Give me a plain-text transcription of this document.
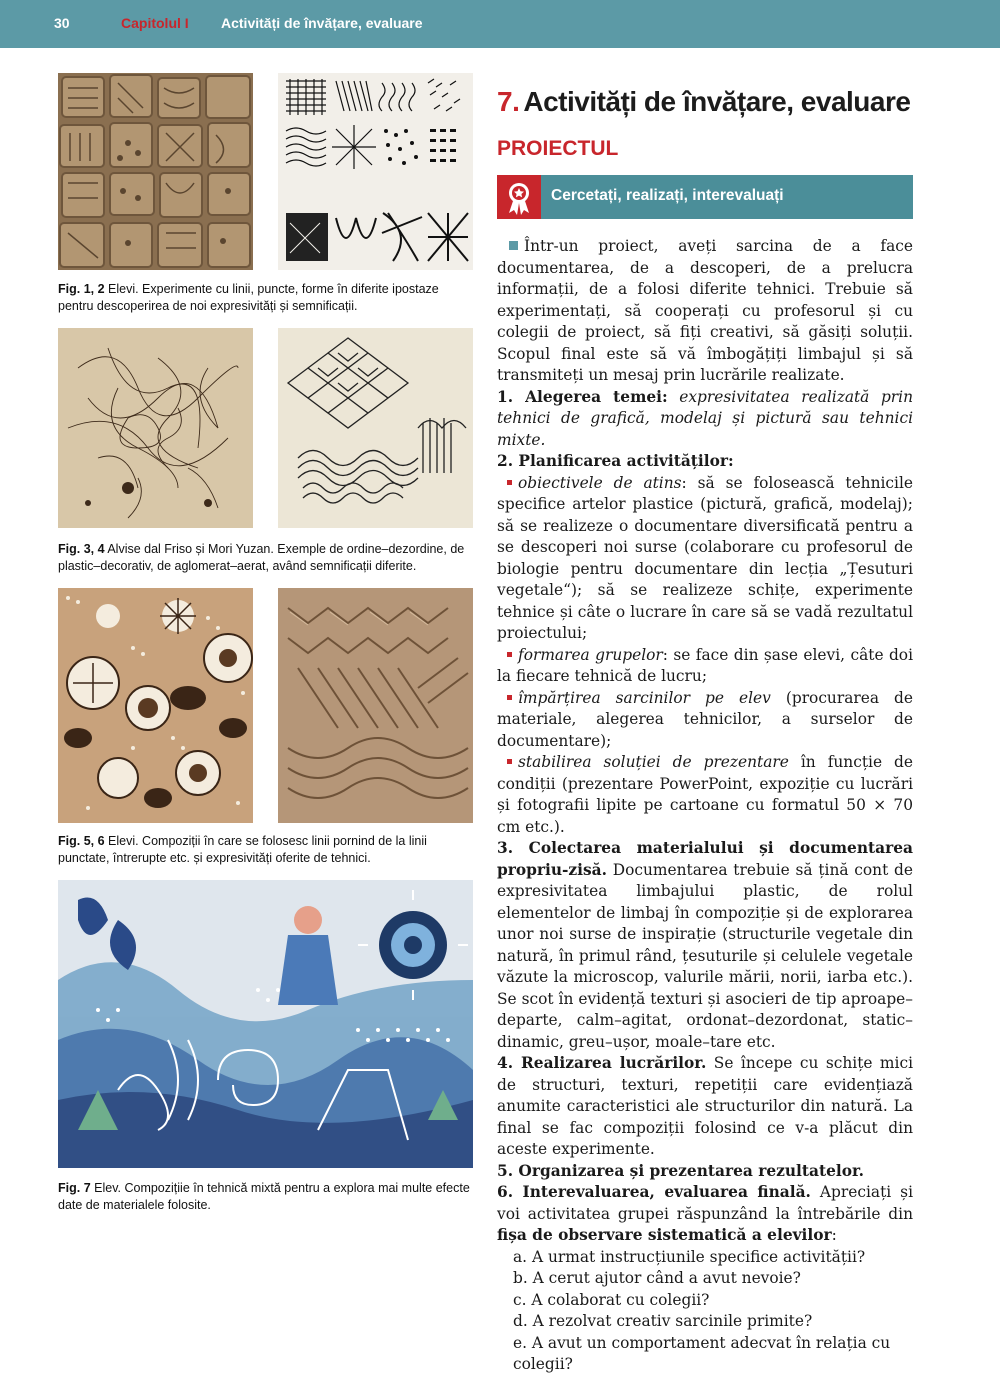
30	Capitolul I Activități de învățare, evaluare
Fig. 1, 2 Elevi. Experimente cu linii, puncte, forme în diferite ipostaze pentru descoperirea de noi expresivități și semnificații.
Fig. 3, 4 Alvise dal Friso și Mori Yuzan. Exemple de ordine–dezordine, de plastic–decorativ, de aglomerat–aerat, având semnificații diferite.
Fig. 5, 6 Elevi. Compoziții în care se folosesc linii pornind de la linii punctate, întrerupte etc. și expresivități oferite de tehnici.
Fig. 7 Elev. Compozițiie în tehnică mixtă pentru a explora mai multe efecte date de materialele folosite.
7. Activități de învățare, evaluare
PROIECTUL
Cercetați, realizați, interevaluați

Într-un proiect, aveți sarcina de a face documentarea, de a descoperi, de a prelucra informații, de a folosi diferite tehnici. Trebuie să experimentați, să cooperați cu profesorul și cu colegii de proiect, să fiți creativi, să găsiți soluții. Scopul final este să vă îmbogățiți limbajul și să transmiteți un mesaj prin lucrările realizate.

1. Alegerea temei: expresivitatea realizată prin tehnici de grafică, modelaj și pictură sau tehnici mixte.

2. Planificarea activităților:

obiectivele de atins: să se folosească tehnicile specifice artelor plastice (pictură, grafică, modelaj); să se realizeze o documentare diversificată pentru a se descoperi noi surse (colaborare cu profesorul de biologie pentru documentare din lecția „Țesuturi vegetale“); să se realizeze schițe, experimente tehnice și câte o lucrare în care să se vadă rezultatul proiectului;

formarea grupelor: se face din șase elevi, câte doi la fiecare tehnică de lucru;

împărțirea sarcinilor pe elev (procurarea de materiale, alegerea tehnicilor, a surselor de documentare);

stabilirea soluției de prezentare în funcție de condiții (prezentare PowerPoint, expoziție cu lucrări și fotografii lipite pe cartoane cu formatul 50 × 70 cm etc.).

3. Colectarea materialului și documentarea propriu-zisă. Documentarea trebuie să țină cont de expresivitatea limbajului plastic, de rolul elementelor de limbaj în compoziție și de explorarea unor noi surse de inspirație (structurile vegetale din natură, în primul rând, țesuturile și celulele vegetale văzute la microscop, valurile mării, norii, iarba etc.). Se scot în evidență texturi și asocieri de tip aproape–departe, calm–agitat, ordonat–dezordonat, static–dinamic, greu–ușor, moale–tare etc.

4. Realizarea lucrărilor. Se începe cu schițe mici de structuri, texturi, repetiții care evidențiază anumite caracteristici ale structurilor din natură. La final se fac compoziții folosind ce v-a plăcut din aceste experimente.

5. Organizarea și prezentarea rezultatelor.

6. Interevaluarea, evaluarea finală. Apreciați și voi activitatea grupei răspunzând la întrebările din fișa de observare sistematică a elevilor:

a. A urmat instrucțiunile specifice activității?

b. A cerut ajutor când a avut nevoie?

c. A colaborat cu colegii?

d. A rezolvat creativ sarcinile primite?

e. A avut un comportament adecvat în relația cu colegii?
